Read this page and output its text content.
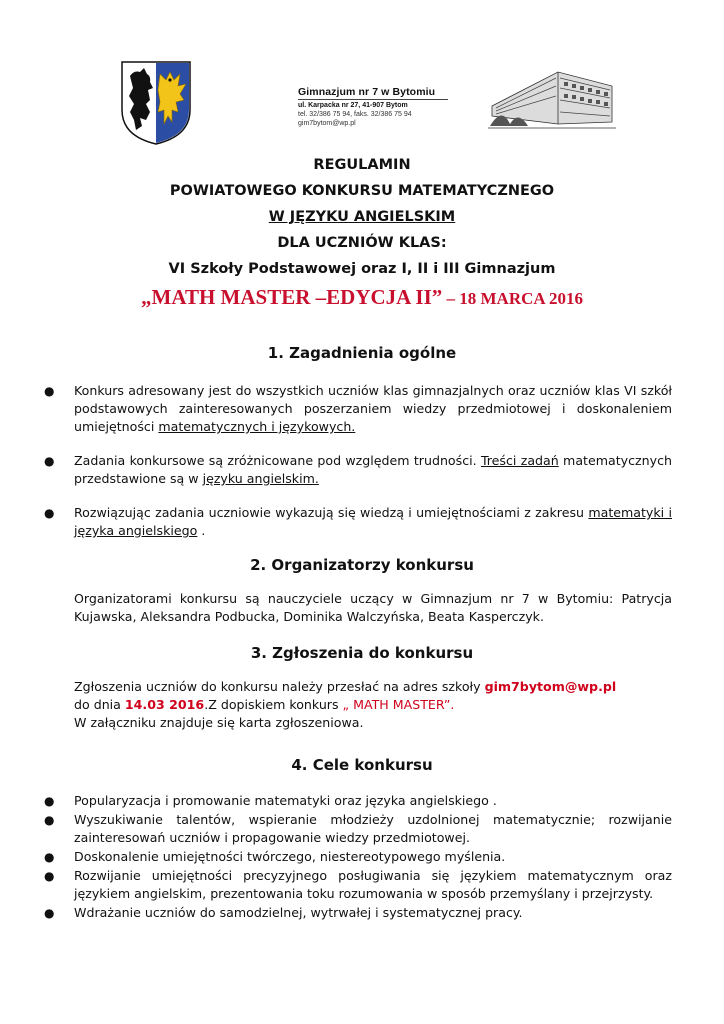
Gimnazjum nr 7 w Bytomiu
ul. Karpacka nr 27, 41-907 Bytom
tel. 32/386 75 94, faks. 32/386 75 94
gim7bytom@wp.pl
REGULAMIN
POWIATOWEGO KONKURSU MATEMATYCZNEGO
W JĘZYKU ANGIELSKIM
DLA UCZNIÓW KLAS:
VI Szkoły Podstawowej oraz I, II i III Gimnazjum
„MATH MASTER –EDYCJA II” – 18 MARCA 2016
1. Zagadnienia ogólne
● Konkurs adresowany jest do wszystkich uczniów klas gimnazjalnych oraz uczniów klas VI szkół podstawowych zainteresowanych poszerzaniem wiedzy przedmiotowej i doskonaleniem umiejętności matematycznych i językowych.
● Zadania konkursowe są zróżnicowane pod względem trudności. Treści zadań matematycznych przedstawione są w języku angielskim.
● Rozwiązując zadania uczniowie wykazują się wiedzą i umiejętnościami z zakresu matematyki i języka angielskiego .
2. Organizatorzy konkursu
Organizatorami konkursu są nauczyciele uczący w Gimnazjum nr 7 w Bytomiu: Patrycja Kujawska, Aleksandra Podbucka, Dominika Walczyńska, Beata Kasperczyk.
3. Zgłoszenia do konkursu
Zgłoszenia uczniów do konkursu należy przesłać na adres szkoły gim7bytom@wp.pl
do dnia 14.03 2016.Z dopiskiem konkurs „ MATH MASTER”.
W załączniku znajduje się karta zgłoszeniowa.
4. Cele konkursu
● Popularyzacja i promowanie matematyki oraz języka angielskiego .
● Wyszukiwanie talentów, wspieranie młodzieży uzdolnionej matematycznie; rozwijanie zainteresowań uczniów i propagowanie wiedzy przedmiotowej.
● Doskonalenie umiejętności twórczego, niestereotypowego myślenia.
● Rozwijanie umiejętności precyzyjnego posługiwania się językiem matematycznym oraz językiem angielskim, prezentowania toku rozumowania w sposób przemyślany i przejrzysty.
● Wdrażanie uczniów do samodzielnej, wytrwałej i systematycznej pracy.
